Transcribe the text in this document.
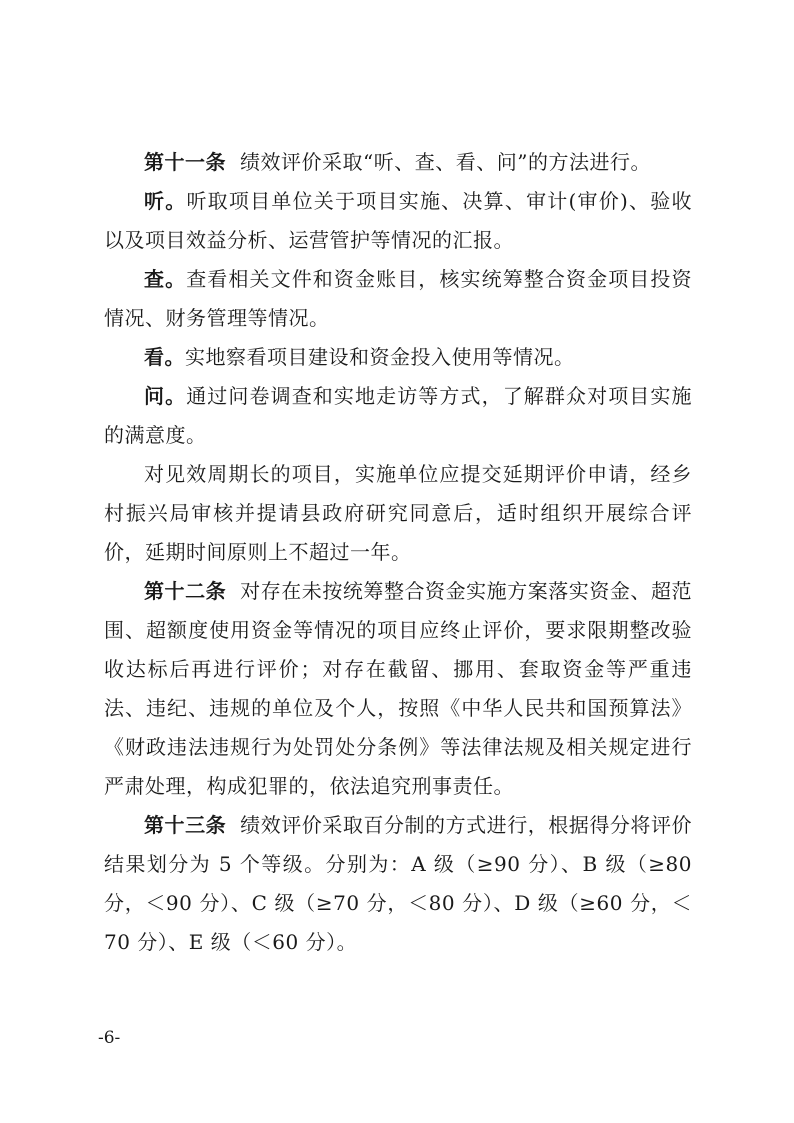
第十一条 绩效评价采取“听、查、看、问”的方法进行。

听。听取项目单位关于项目实施、决算、审计(审价)、验收以及项目效益分析、运营管护等情况的汇报。

查。查看相关文件和资金账目，核实统筹整合资金项目投资情况、财务管理等情况。

看。实地察看项目建设和资金投入使用等情况。

问。通过问卷调查和实地走访等方式，了解群众对项目实施的满意度。

对见效周期长的项目，实施单位应提交延期评价申请，经乡村振兴局审核并提请县政府研究同意后，适时组织开展综合评价，延期时间原则上不超过一年。

第十二条 对存在未按统筹整合资金实施方案落实资金、超范围、超额度使用资金等情况的项目应终止评价，要求限期整改验收达标后再进行评价；对存在截留、挪用、套取资金等严重违法、违纪、违规的单位及个人，按照《中华人民共和国预算法》《财政违法违规行为处罚处分条例》等法律法规及相关规定进行严肃处理，构成犯罪的，依法追究刑事责任。

第十三条 绩效评价采取百分制的方式进行，根据得分将评价结果划分为 5 个等级。分别为：A 级（≥90 分）、B 级（≥80 分，＜90 分）、C 级（≥70 分，＜80 分）、D 级（≥60 分，＜70 分）、E 级（＜60 分）。

-6-
